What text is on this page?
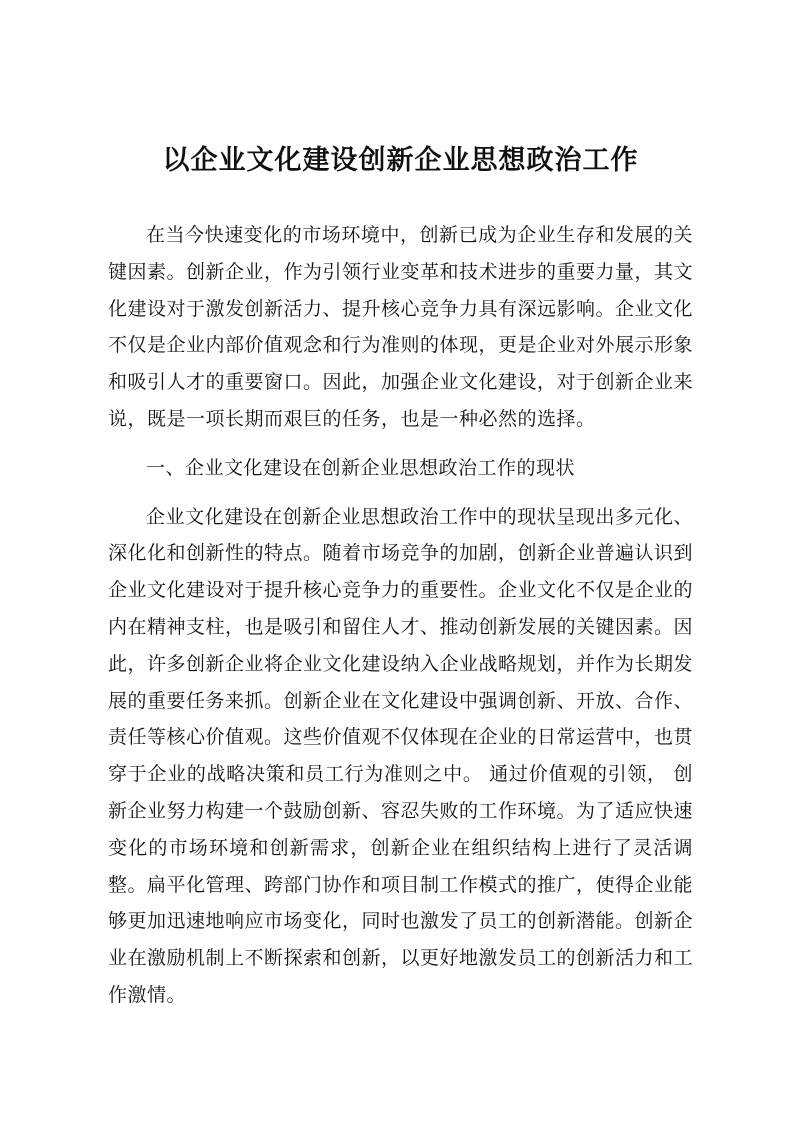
以企业文化建设创新企业思想政治工作

在当今快速变化的市场环境中，创新已成为企业生存和发展的关键因素。创新企业，作为引领行业变革和技术进步的重要力量，其文化建设对于激发创新活力、提升核心竞争力具有深远影响。企业文化不仅是企业内部价值观念和行为准则的体现，更是企业对外展示形象和吸引人才的重要窗口。因此，加强企业文化建设，对于创新企业来说，既是一项长期而艰巨的任务，也是一种必然的选择。

一、企业文化建设在创新企业思想政治工作的现状

企业文化建设在创新企业思想政治工作中的现状呈现出多元化、深化化和创新性的特点。随着市场竞争的加剧，创新企业普遍认识到企业文化建设对于提升核心竞争力的重要性。企业文化不仅是企业的内在精神支柱，也是吸引和留住人才、推动创新发展的关键因素。因此，许多创新企业将企业文化建设纳入企业战略规划，并作为长期发展的重要任务来抓。创新企业在文化建设中强调创新、开放、合作、责任等核心价值观。这些价值观不仅体现在企业的日常运营中，也贯穿于企业的战略决策和员工行为准则之中。 通过价值观的引领， 创新企业努力构建一个鼓励创新、容忍失败的工作环境。为了适应快速变化的市场环境和创新需求，创新企业在组织结构上进行了灵活调整。扁平化管理、跨部门协作和项目制工作模式的推广，使得企业能够更加迅速地响应市场变化，同时也激发了员工的创新潜能。创新企业在激励机制上不断探索和创新，以更好地激发员工的创新活力和工作激情。
